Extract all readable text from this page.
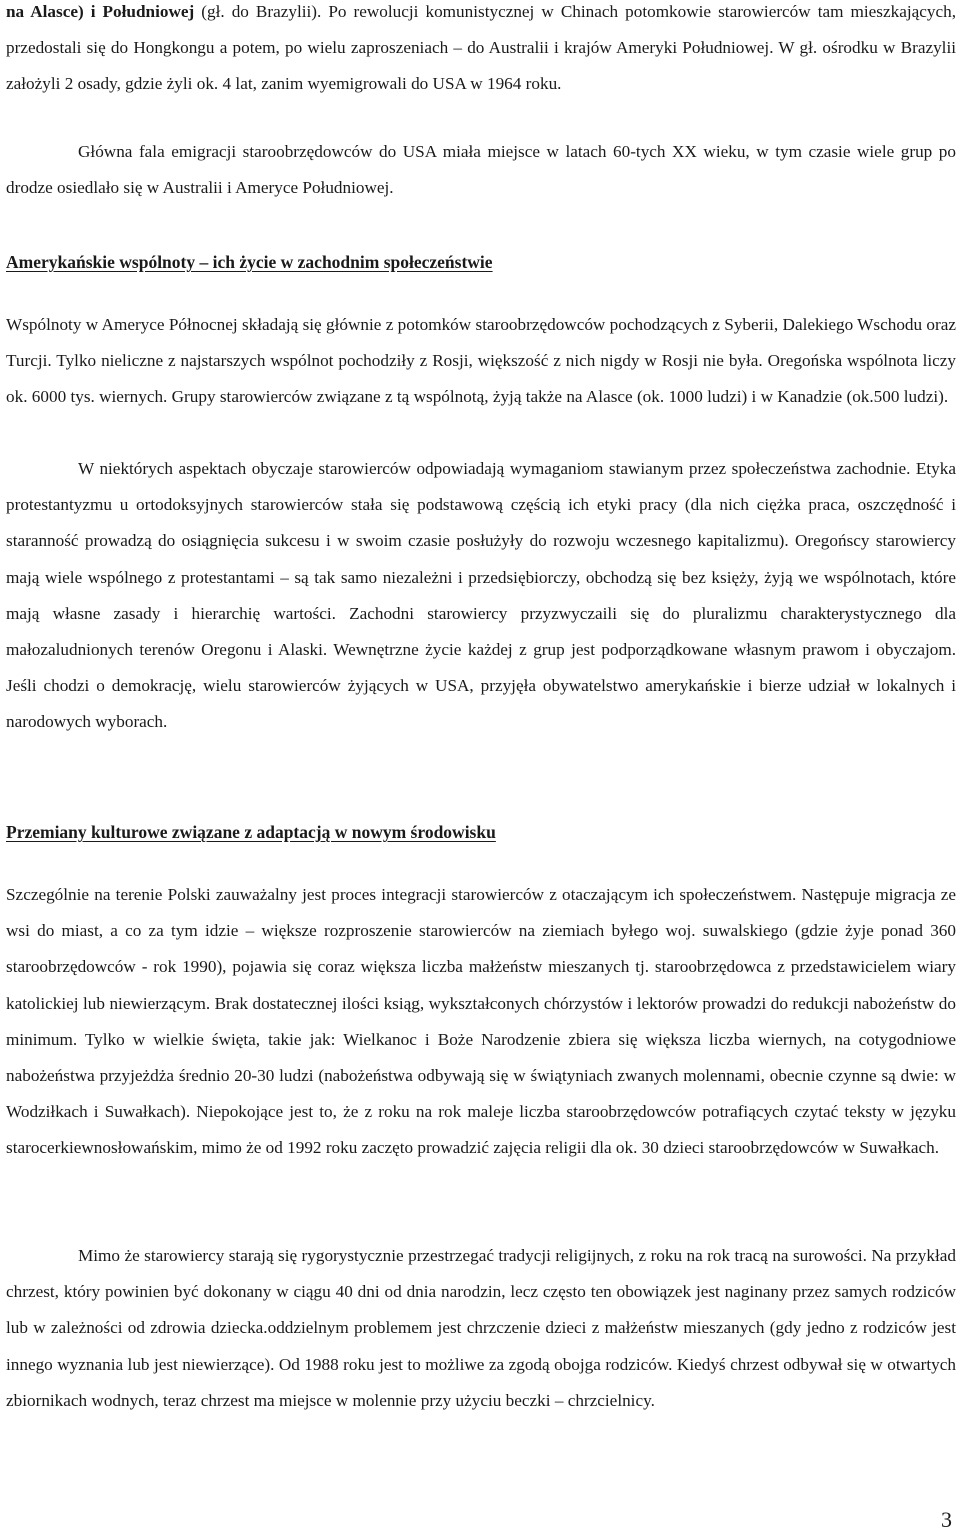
na Alasce) i Południowej (gł. do Brazylii). Po rewolucji komunistycznej w Chinach potomkowie starowierców tam mieszkających, przedostali się do Hongkongu a potem, po wielu zaproszeniach – do Australii i krajów Ameryki Południowej. W gł. ośrodku w Brazylii założyli 2 osady, gdzie żyli ok. 4 lat, zanim wyemigrowali do USA w 1964 roku.
Główna fala emigracji staroobrzędowców do USA miała miejsce w latach 60-tych XX wieku, w tym czasie wiele grup po drodze osiedlało się w Australii i Ameryce Południowej.
Amerykańskie wspólnoty – ich życie w zachodnim społeczeństwie
Wspólnoty w Ameryce Północnej składają się głównie z potomków staroobrzędowców pochodzących z Syberii, Dalekiego Wschodu oraz Turcji. Tylko nieliczne z najstarszych wspólnot pochodziły z Rosji, większość z nich nigdy w Rosji nie była. Oregońska wspólnota liczy ok. 6000 tys. wiernych. Grupy starowierców związane z tą wspólnotą, żyją także na Alasce (ok. 1000 ludzi) i w Kanadzie (ok.500 ludzi).
W niektórych aspektach obyczaje starowierców odpowiadają wymaganiom stawianym przez społeczeństwa zachodnie. Etyka protestantyzmu u ortodoksyjnych starowierców stała się podstawową częścią ich etyki pracy (dla nich ciężka praca, oszczędność i staranność prowadzą do osiągnięcia sukcesu i w swoim czasie posłużyły do rozwoju wczesnego kapitalizmu). Oregońscy starowiercy mają wiele wspólnego z protestantami – są tak samo niezależni i przedsiębiorczy, obchodzą się bez księży, żyją we wspólnotach, które mają własne zasady i hierarchię wartości. Zachodni starowiercy przyzwyczaili się do pluralizmu charakterystycznego dla małozaludnionych terenów Oregonu i Alaski. Wewnętrzne życie każdej z grup jest podporządkowane własnym prawom i obyczajom. Jeśli chodzi o demokrację, wielu starowierców żyjących w USA, przyjęła obywatelstwo amerykańskie i bierze udział w lokalnych i narodowych wyborach.
Przemiany kulturowe związane z adaptacją w nowym środowisku
Szczególnie na terenie Polski zauważalny jest proces integracji starowierców z otaczającym ich społeczeństwem. Następuje migracja ze wsi do miast, a co za tym idzie – większe rozproszenie starowierców na ziemiach byłego woj. suwalskiego (gdzie żyje ponad 360 staroobrzędowców - rok 1990), pojawia się coraz większa liczba małżeństw mieszanych tj. staroobrzędowca z przedstawicielem wiary katolickiej lub niewierzącym. Brak dostatecznej ilości ksiąg, wykształconych chórzystów i lektorów prowadzi do redukcji nabożeństw do minimum. Tylko w wielkie święta, takie jak: Wielkanoc i Boże Narodzenie zbiera się większa liczba wiernych, na cotygodniowe nabożeństwa przyjeżdża średnio 20-30 ludzi (nabożeństwa odbywają się w świątyniach zwanych molennami, obecnie czynne są dwie: w Wodziłkach i Suwałkach). Niepokojące jest to, że z roku na rok maleje liczba staroobrzędowców potrafiących czytać teksty w języku starocerkiewnosłowańskim, mimo że od 1992 roku zaczęto prowadzić zajęcia religii dla ok. 30 dzieci staroobrzędowców w Suwałkach.
Mimo że starowiercy starają się rygorystycznie przestrzegać tradycji religijnych, z roku na rok tracą na surowości. Na przykład chrzest, który powinien być dokonany w ciągu 40 dni od dnia narodzin, lecz często ten obowiązek jest naginany przez samych rodziców lub w zależności od zdrowia dziecka.oddzielnym problemem jest chrzczenie dzieci z małżeństw mieszanych (gdy jedno z rodziców jest innego wyznania lub jest niewierzące). Od 1988 roku jest to możliwe za zgodą obojga rodziców. Kiedyś chrzest odbywał się w otwartych zbiornikach wodnych, teraz chrzest ma miejsce w molennie przy użyciu beczki – chrzcielnicy.
3
